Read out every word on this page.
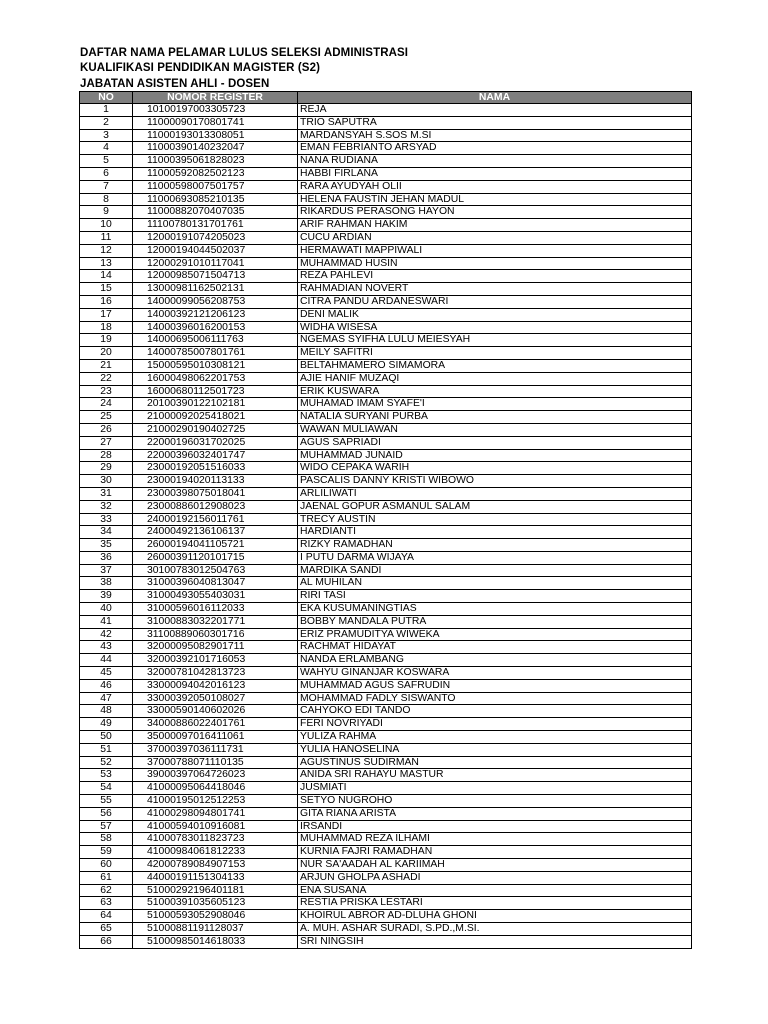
DAFTAR NAMA PELAMAR LULUS SELEKSI ADMINISTRASI
KUALIFIKASI PENDIDIKAN MAGISTER (S2)
JABATAN ASISTEN AHLI - DOSEN
NO	NOMOR REGISTER	NAMA
1	10100197003305723	REJA
2	11000090170801741	TRIO SAPUTRA
3	11000193013308051	MARDANSYAH S.SOS M.SI
4	11000390140232047	EMAN FEBRIANTO ARSYAD
5	11000395061828023	NANA RUDIANA
6	11000592082502123	HABBI FIRLANA
7	11000598007501757	RARA AYUDYAH OLII
8	11000693085210135	HELENA FAUSTIN JEHAN MADUL
9	11000882070407035	RIKARDUS PERASONG HAYON
10	11100780131701761	ARIF RAHMAN HAKIM
11	12000191074205023	CUCU ARDIAN
12	12000194044502037	HERMAWATI MAPPIWALI
13	12000291010117041	MUHAMMAD HUSIN
14	12000985071504713	REZA PAHLEVI
15	13000981162502131	RAHMADIAN NOVERT
16	14000099056208753	CITRA PANDU ARDANESWARI
17	14000392121206123	DENI MALIK
18	14000396016200153	WIDHA WISESA
19	14000695006111763	NGEMAS SYIFHA LULU MEIESYAH
20	14000785007801761	MEILY SAFITRI
21	15000595010308121	BELTAHMAMERO SIMAMORA
22	16000498062201753	AJIE HANIF MUZAQI
23	16000680112501723	ERIK KUSWARA
24	20100390122102181	MUHAMAD IMAM SYAFE'I
25	21000092025418021	NATALIA SURYANI PURBA
26	21000290190402725	WAWAN MULIAWAN
27	22000196031702025	AGUS SAPRIADI
28	22000396032401747	MUHAMMAD JUNAID
29	23000192051516033	WIDO CEPAKA WARIH
30	23000194020113133	PASCALIS DANNY KRISTI WIBOWO
31	23000398075018041	ARLILIWATI
32	23000886012908023	JAENAL GOPUR ASMANUL SALAM
33	24000192156011761	TRECY AUSTIN
34	24000492136106137	HARDIANTI
35	26000194041105721	RIZKY RAMADHAN
36	26000391120101715	I PUTU DARMA WIJAYA
37	30100783012504763	MARDIKA SANDI
38	31000396040813047	AL MUHILAN
39	31000493055403031	RIRI TASI
40	31000596016112033	EKA KUSUMANINGTIAS
41	31000883032201771	BOBBY MANDALA PUTRA
42	31100889060301716	ERIZ PRAMUDITYA WIWEKA
43	32000095082901711	RACHMAT HIDAYAT
44	32000392101716053	NANDA ERLAMBANG
45	32000781042813723	WAHYU GINANJAR KOSWARA
46	33000094042016123	MUHAMMAD AGUS SAFRUDIN
47	33000392050108027	MOHAMMAD FADLY SISWANTO
48	33000590140602026	CAHYOKO EDI TANDO
49	34000886022401761	FERI NOVRIYADI
50	35000097016411061	YULIZA RAHMA
51	37000397036111731	YULIA HANOSELINA
52	37000788071110135	AGUSTINUS SUDIRMAN
53	39000397064726023	ANIDA SRI RAHAYU MASTUR
54	41000095064418046	JUSMIATI
55	41000195012512253	SETYO NUGROHO
56	41000298094801741	GITA RIANA ARISTA
57	41000594010916081	IRSANDI
58	41000783011823723	MUHAMMAD REZA ILHAMI
59	41000984061812233	KURNIA FAJRI RAMADHAN
60	42000789084907153	NUR SA'AADAH AL KARIIMAH
61	44000191151304133	ARJUN GHOLPA ASHADI
62	51000292196401181	ENA SUSANA
63	51000391035605123	RESTIA PRISKA LESTARI
64	51000593052908046	KHOIRUL ABROR AD-DLUHA GHONI
65	51000881191128037	A. MUH. ASHAR SURADI, S.PD.,M.SI.
66	51000985014618033	SRI NINGSIH
